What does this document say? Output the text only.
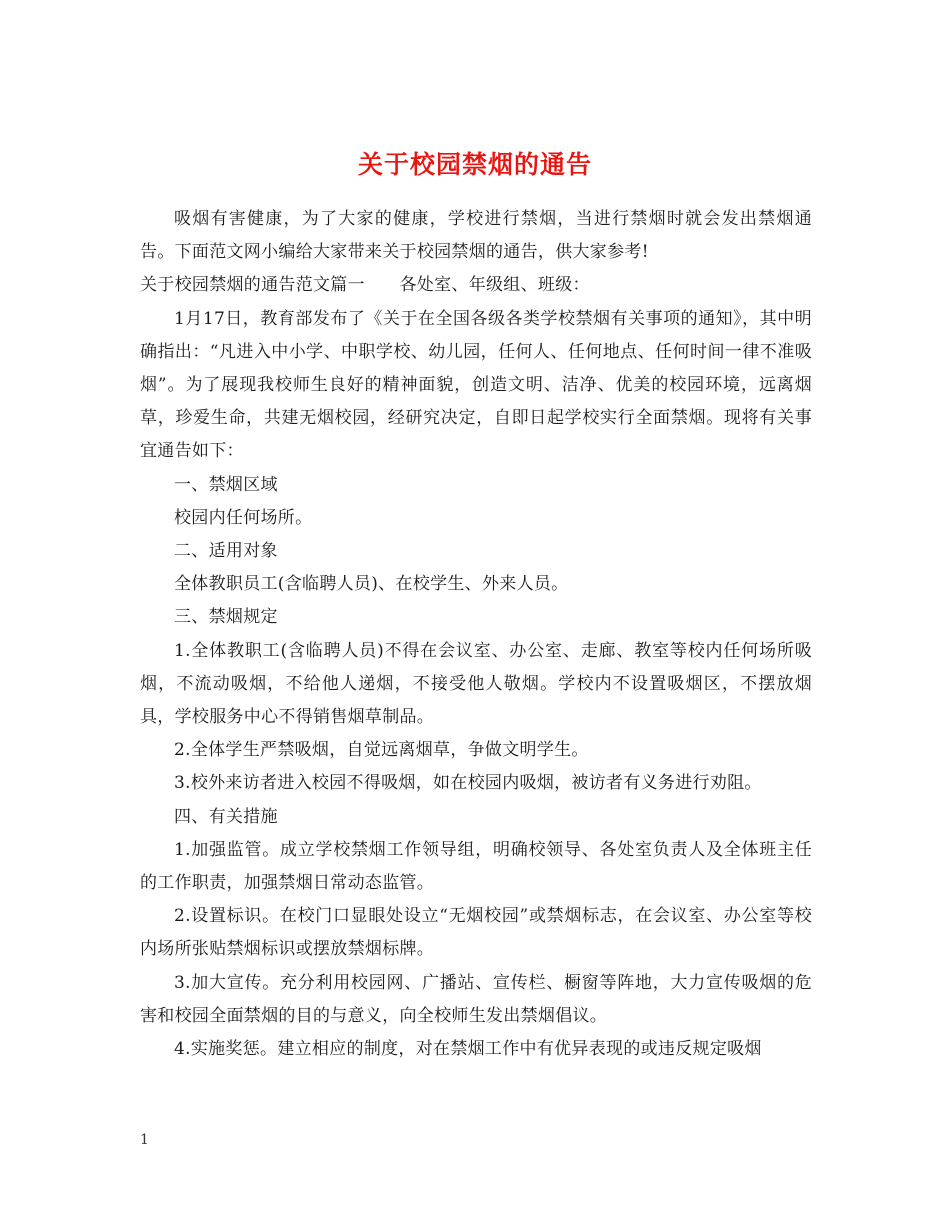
关于校园禁烟的通告

吸烟有害健康，为了大家的健康，学校进行禁烟，当进行禁烟时就会发出禁烟通告。下面范文网小编给大家带来关于校园禁烟的通告，供大家参考!

关于校园禁烟的通告范文篇一　　各处室、年级组、班级：

1月17日，教育部发布了《关于在全国各级各类学校禁烟有关事项的通知》，其中明确指出：“凡进入中小学、中职学校、幼儿园，任何人、任何地点、任何时间一律不准吸烟”。为了展现我校师生良好的精神面貌，创造文明、洁净、优美的校园环境，远离烟草，珍爱生命，共建无烟校园，经研究决定，自即日起学校实行全面禁烟。现将有关事宜通告如下：

一、禁烟区域

校园内任何场所。

二、适用对象

全体教职员工(含临聘人员)、在校学生、外来人员。

三、禁烟规定

1.全体教职工(含临聘人员)不得在会议室、办公室、走廊、教室等校内任何场所吸烟，不流动吸烟，不给他人递烟，不接受他人敬烟。学校内不设置吸烟区，不摆放烟具，学校服务中心不得销售烟草制品。

2.全体学生严禁吸烟，自觉远离烟草，争做文明学生。

3.校外来访者进入校园不得吸烟，如在校园内吸烟，被访者有义务进行劝阻。

四、有关措施

1.加强监管。成立学校禁烟工作领导组，明确校领导、各处室负责人及全体班主任的工作职责，加强禁烟日常动态监管。

2.设置标识。在校门口显眼处设立“无烟校园”或禁烟标志，在会议室、办公室等校内场所张贴禁烟标识或摆放禁烟标牌。

3.加大宣传。充分利用校园网、广播站、宣传栏、橱窗等阵地，大力宣传吸烟的危害和校园全面禁烟的目的与意义，向全校师生发出禁烟倡议。

4.实施奖惩。建立相应的制度，对在禁烟工作中有优异表现的或违反规定吸烟

1
